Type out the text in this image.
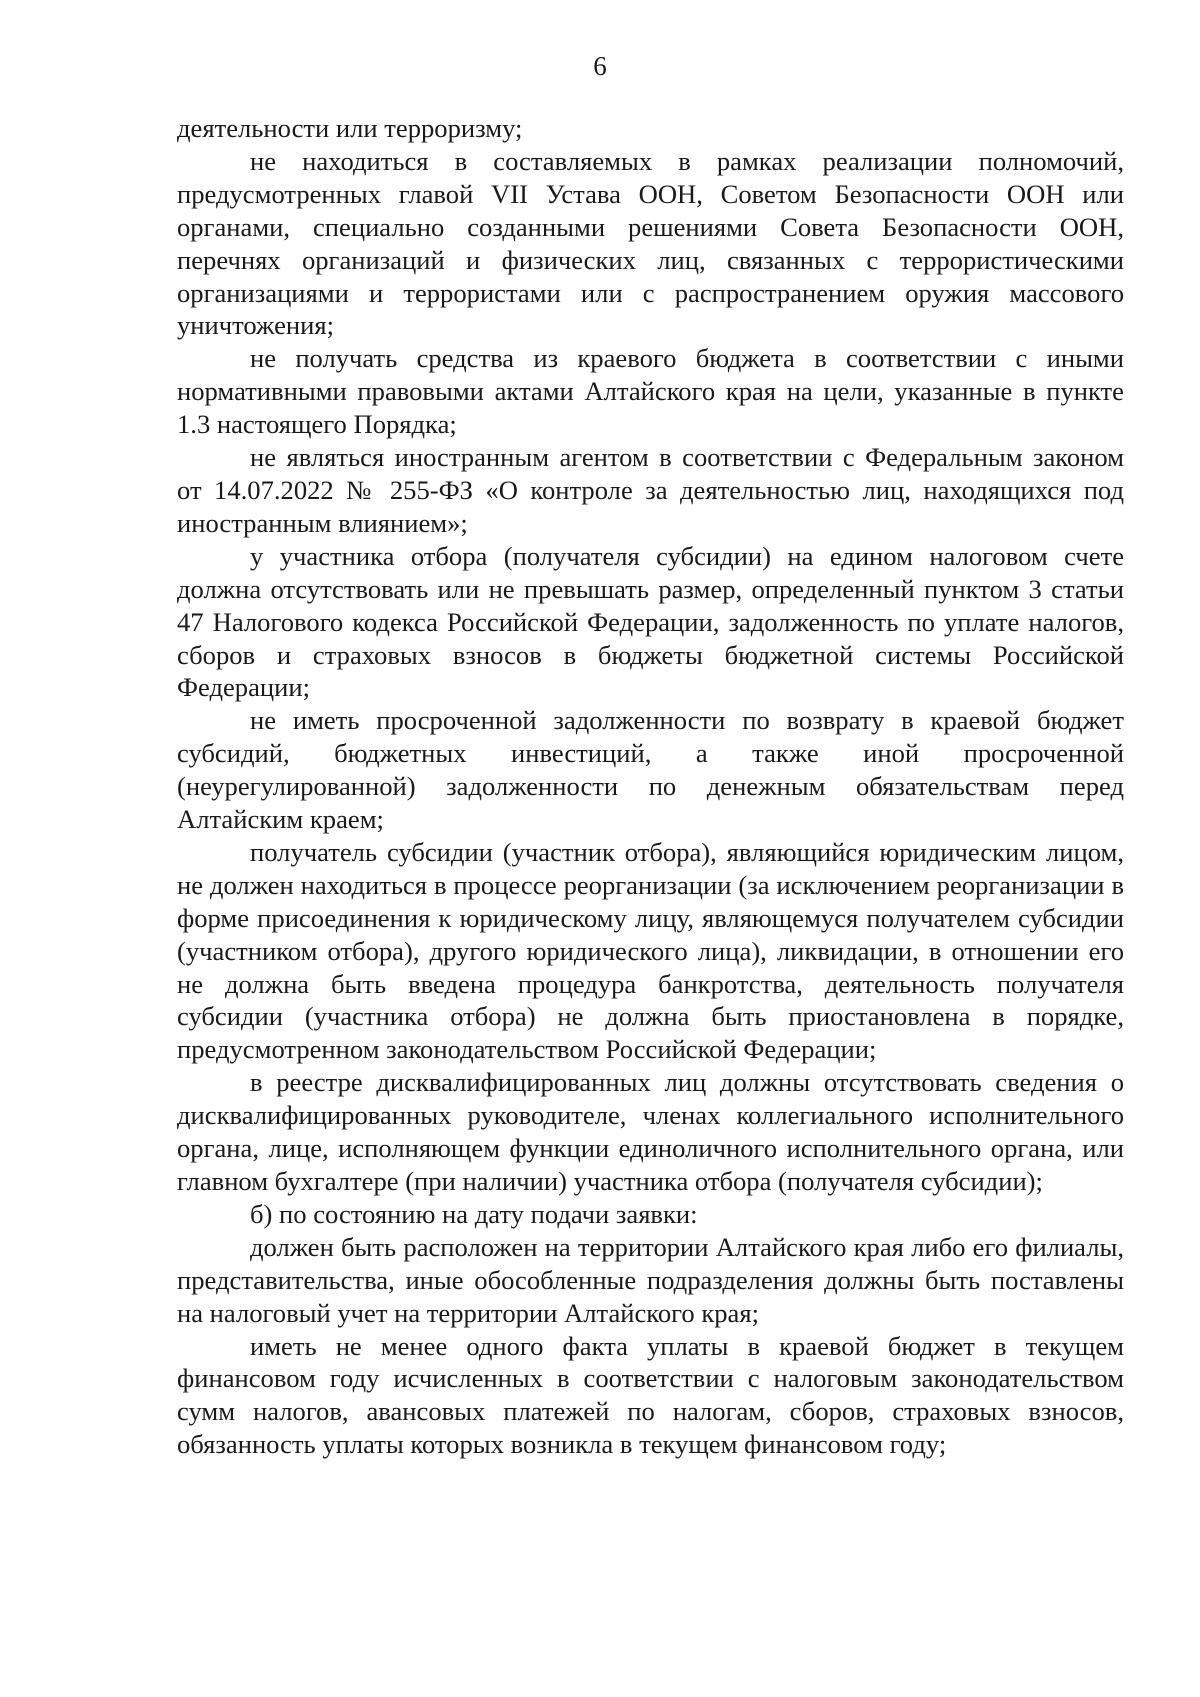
6

деятельности или терроризму;

не находиться в составляемых в рамках реализации полномочий, предусмотренных главой VII Устава ООН, Советом Безопасности ООН или органами, специально созданными решениями Совета Безопасности ООН, перечнях организаций и физических лиц, связанных с террористическими организациями и террористами или с распространением оружия массового уничтожения;

не получать средства из краевого бюджета в соответствии с иными нормативными правовыми актами Алтайского края на цели, указанные в пункте 1.3 настоящего Порядка;

не являться иностранным агентом в соответствии с Федеральным законом от 14.07.2022 № 255-ФЗ «О контроле за деятельностью лиц, находящихся под иностранным влиянием»;

у участника отбора (получателя субсидии) на едином налоговом счете должна отсутствовать или не превышать размер, определенный пунктом 3 статьи 47 Налогового кодекса Российской Федерации, задолженность по уплате налогов, сборов и страховых взносов в бюджеты бюджетной системы Российской Федерации;

не иметь просроченной задолженности по возврату в краевой бюджет субсидий, бюджетных инвестиций, а также иной просроченной (неурегулированной) задолженности по денежным обязательствам перед Алтайским краем;

получатель субсидии (участник отбора), являющийся юридическим лицом, не должен находиться в процессе реорганизации (за исключением реорганизации в форме присоединения к юридическому лицу, являющемуся получателем субсидии (участником отбора), другого юридического лица), ликвидации, в отношении его не должна быть введена процедура банкротства, деятельность получателя субсидии (участника отбора) не должна быть приостановлена в порядке, предусмотренном законодательством Российской Федерации;

в реестре дисквалифицированных лиц должны отсутствовать сведения о дисквалифицированных руководителе, членах коллегиального исполнительного органа, лице, исполняющем функции единоличного исполнительного органа, или главном бухгалтере (при наличии) участника отбора (получателя субсидии);

б) по состоянию на дату подачи заявки:

должен быть расположен на территории Алтайского края либо его филиалы, представительства, иные обособленные подразделения должны быть поставлены на налоговый учет на территории Алтайского края;

иметь не менее одного факта уплаты в краевой бюджет в текущем финансовом году исчисленных в соответствии с налоговым законодательством сумм налогов, авансовых платежей по налогам, сборов, страховых взносов, обязанность уплаты которых возникла в текущем финансовом году;
